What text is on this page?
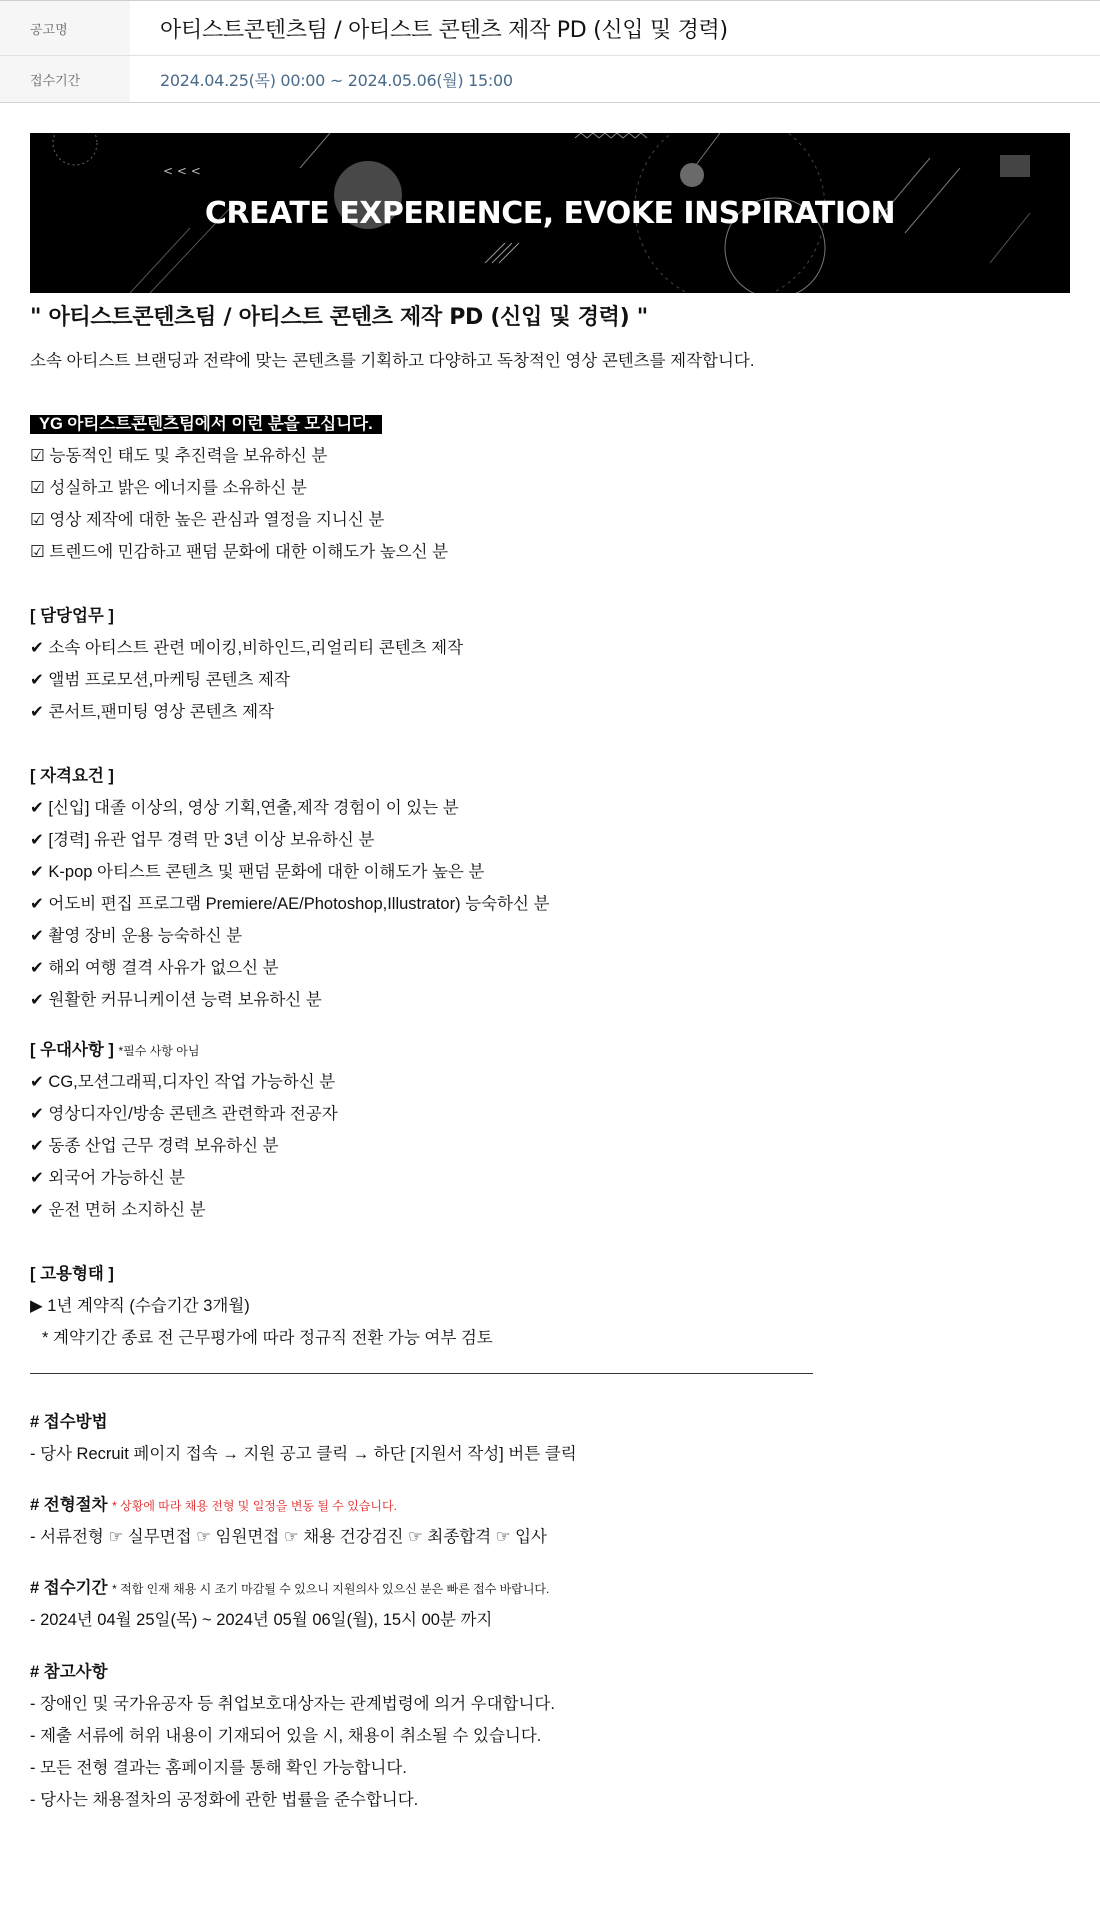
공고명	아티스트콘텐츠팀 / 아티스트 콘텐츠 제작 PD (신입 및 경력)
접수기간	2024.04.25(목) 00:00 ~ 2024.05.06(월) 15:00
< < <
CREATE EXPERIENCE, EVOKE INSPIRATION
" 아티스트콘텐츠팀 / 아티스트 콘텐츠 제작 PD (신입 및 경력) "
소속 아티스트 브랜딩과 전략에 맞는 콘텐츠를 기획하고 다양하고 독창적인 영상 콘텐츠를 제작합니다.
YG 아티스트콘텐츠팀에서 이런 분을 모십니다.
☑ 능동적인 태도 및 추진력을 보유하신 분
☑ 성실하고 밝은 에너지를 소유하신 분
☑ 영상 제작에 대한 높은 관심과 열정을 지니신 분
☑ 트렌드에 민감하고 팬덤 문화에 대한 이해도가 높으신 분
[ 담당업무 ]
✔ 소속 아티스트 관련 메이킹,비하인드,리얼리티 콘텐츠 제작
✔ 앨범 프로모션,마케팅 콘텐츠 제작
✔ 콘서트,팬미팅 영상 콘텐츠 제작
[ 자격요건 ]
✔ [신입] 대졸 이상의, 영상 기획,연출,제작 경험이 이 있는 분
✔ [경력] 유관 업무 경력 만 3년 이상 보유하신 분
✔ K-pop 아티스트 콘텐츠 및 팬덤 문화에 대한 이해도가 높은 분
✔ 어도비 편집 프로그램 Premiere/AE/Photoshop,Illustrator) 능숙하신 분
✔ 촬영 장비 운용 능숙하신 분
✔ 해외 여행 결격 사유가 없으신 분
✔ 원활한 커뮤니케이션 능력 보유하신 분
[ 우대사항 ] *필수 사항 아님
✔ CG,모션그래픽,디자인 작업 가능하신 분
✔ 영상디자인/방송 콘텐츠 관련학과 전공자
✔ 동종 산업 근무 경력 보유하신 분
✔ 외국어 가능하신 분
✔ 운전 면허 소지하신 분
[ 고용형태 ]
▶ 1년 계약직 (수습기간 3개월)
* 계약기간 종료 전 근무평가에 따라 정규직 전환 가능 여부 검토
# 접수방법
- 당사 Recruit 페이지 접속 → 지원 공고 클릭 → 하단 [지원서 작성] 버튼 클릭
# 전형절차 * 상황에 따라 채용 전형 및 일정을 변동 될 수 있습니다.
- 서류전형 ☞ 실무면접 ☞ 임원면접 ☞ 채용 건강검진 ☞ 최종합격 ☞ 입사
# 접수기간 * 적합 인재 채용 시 조기 마감될 수 있으니 지원의사 있으신 분은 빠른 접수 바랍니다.
- 2024년 04월 25일(목) ~ 2024년 05월 06일(월), 15시 00분 까지
# 참고사항
- 장애인 및 국가유공자 등 취업보호대상자는 관계법령에 의거 우대합니다.
- 제출 서류에 허위 내용이 기재되어 있을 시, 채용이 취소될 수 있습니다.
- 모든 전형 결과는 홈페이지를 통해 확인 가능합니다.
- 당사는 채용절차의 공정화에 관한 법률을 준수합니다.
